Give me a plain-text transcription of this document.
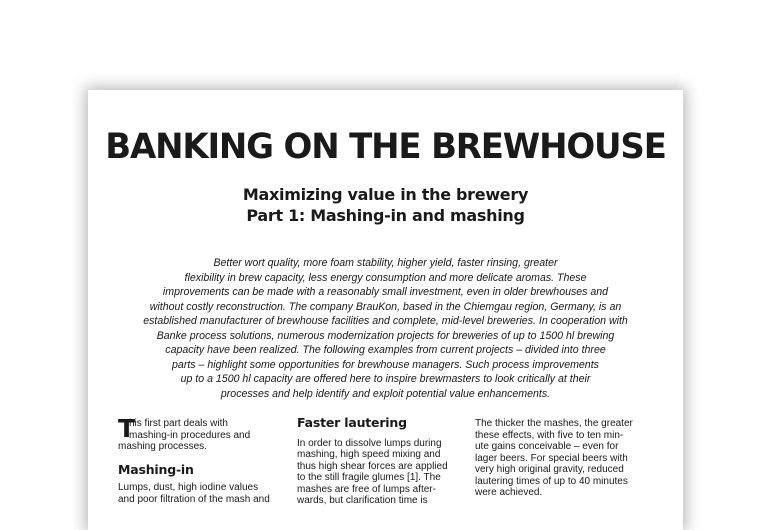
BANKING ON THE BREWHOUSE
Maximizing value in the brewery
Part 1: Mashing-in and mashing
Better wort quality, more foam stability, higher yield, faster rinsing, greater
flexibility in brew capacity, less energy consumption and more delicate aromas. These
improvements can be made with a reasonably small investment, even in older brewhouses and
without costly reconstruction. The company BrauKon, based in the Chiemgau region, Germany, is an
established manufacturer of brewhouse facilities and complete, mid-level breweries. In cooperation with
Banke process solutions, numerous modernization projects for breweries of up to 1500 hl brewing
capacity have been realized. The following examples from current projects – divided into three
parts – highlight some opportunities for brewhouse managers. Such process improvements
up to a 1500 hl capacity are offered here to inspire brewmasters to look critically at their
processes and help identify and exploit potential value enhancements.
T
his first part deals with
mashing-in procedures and
mashing processes.
Mashing-in
Lumps, dust, high iodine values
and poor filtration of the mash and
Faster lautering
In order to dissolve lumps during
mashing, high speed mixing and
thus high shear forces are applied
to the still fragile glumes [1]. The
mashes are free of lumps after-
wards, but clarification time is
The thicker the mashes, the greater
these effects, with five to ten min-
ute gains conceivable – even for
lager beers. For special beers with
very high original gravity, reduced
lautering times of up to 40 minutes
were achieved.
